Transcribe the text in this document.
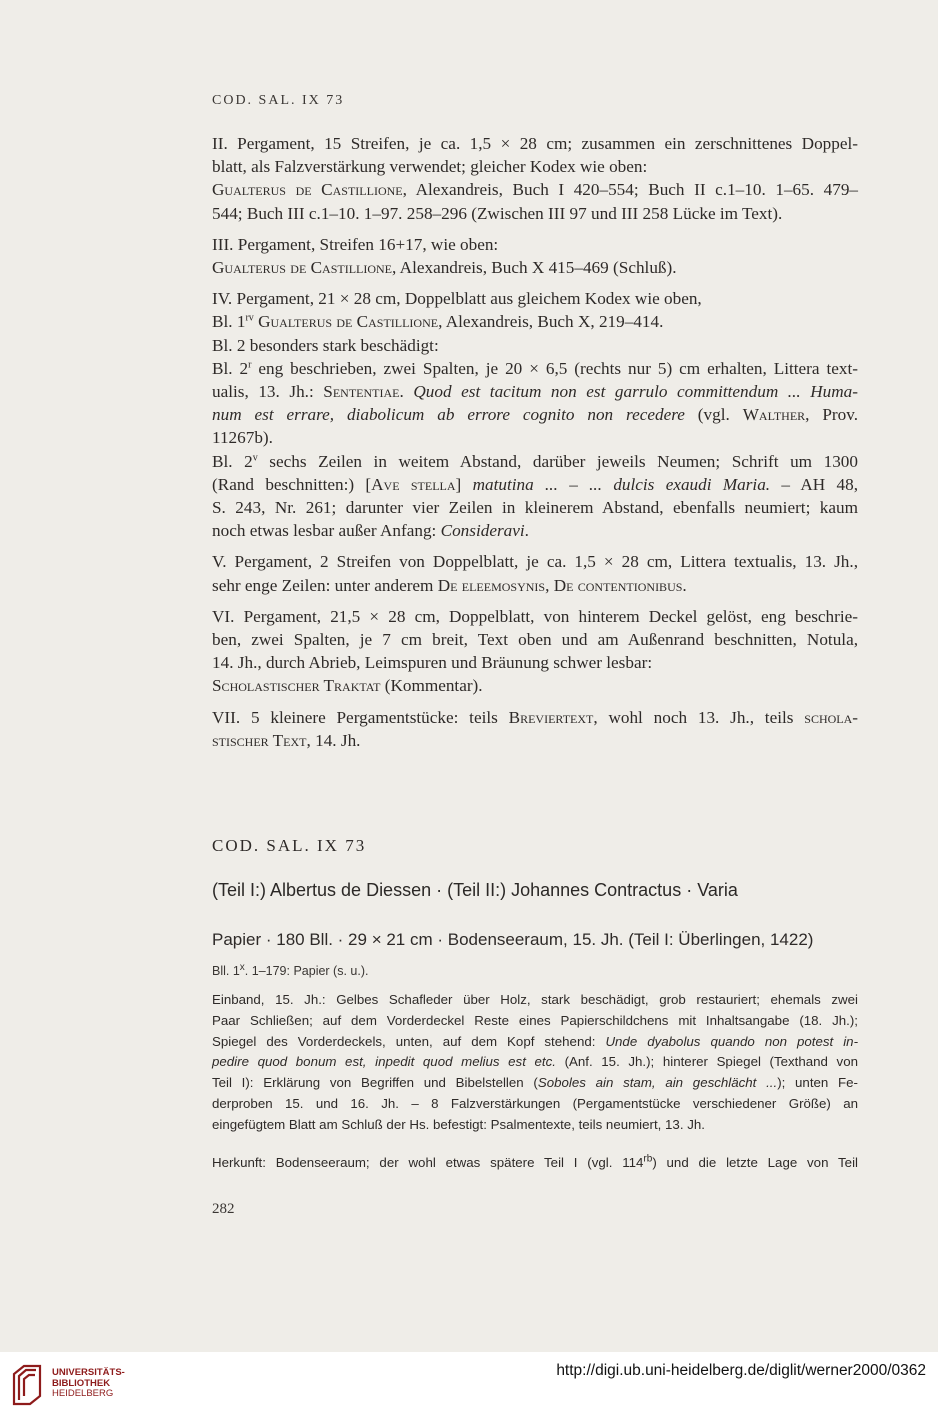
COD. SAL. IX 73
II. Pergament, 15 Streifen, je ca. 1,5 × 28 cm; zusammen ein zerschnittenes Doppel-
blatt, als Falzverstärkung verwendet; gleicher Kodex wie oben:
Gualterus de Castillione, Alexandreis, Buch I 420–554; Buch II c.1–10. 1–65. 479–
544; Buch III c.1–10. 1–97. 258–296 (Zwischen III 97 und III 258 Lücke im Text).
III. Pergament, Streifen 16+17, wie oben:
Gualterus de Castillione, Alexandreis, Buch X 415–469 (Schluß).
IV. Pergament, 21 × 28 cm, Doppelblatt aus gleichem Kodex wie oben,
Bl. $1^{rv}$ Gualterus de Castillione, Alexandreis, Buch X, 219–414.
Bl. 2 besonders stark beschädigt:
Bl. 2$^r$ eng beschrieben, zwei Spalten, je 20 × 6,5 (rechts nur 5) cm erhalten, Littera text-
ualis, 13. Jh.: Sententiae. Quod est tacitum non est garrulo committendum ... Huma-
num est errare, diabolicum ab errore cognito non recedere (vgl. Walther, Prov.
11267b).
Bl. 2$^v$ sechs Zeilen in weitem Abstand, darüber jeweils Neumen; Schrift um 1300
(Rand beschnitten:) [Ave stella] matutina ... – ... dulcis exaudi Maria. – AH 48,
S. 243, Nr. 261; darunter vier Zeilen in kleinerem Abstand, ebenfalls neumiert; kaum
noch etwas lesbar außer Anfang: Consideravi.
V. Pergament, 2 Streifen von Doppelblatt, je ca. 1,5 × 28 cm, Littera textualis, 13. Jh.,
sehr enge Zeilen: unter anderem De eleemosynis, De contentionibus.
VI. Pergament, 21,5 × 28 cm, Doppelblatt, von hinterem Deckel gelöst, eng beschrie-
ben, zwei Spalten, je 7 cm breit, Text oben und am Außenrand beschnitten, Notula,
14. Jh., durch Abrieb, Leimspuren und Bräunung schwer lesbar:
Scholastischer Traktat (Kommentar).
VII. 5 kleinere Pergamentstücke: teils Breviertext, wohl noch 13. Jh., teils schola-
stischer Text, 14. Jh.
COD. SAL. IX 73
(Teil I:) Albertus de Diessen · (Teil II:) Johannes Contractus · Varia
Papier · 180 Bll. · 29 × 21 cm · Bodenseeraum, 15. Jh. (Teil I: Überlingen, 1422)
Bll. 1$^x$. 1–179: Papier (s. u.).
Einband, 15. Jh.: Gelbes Schafleder über Holz, stark beschädigt, grob restauriert; ehemals zwei
Paar Schließen; auf dem Vorderdeckel Reste eines Papierschildchens mit Inhaltsangabe (18. Jh.);
Spiegel des Vorderdeckels, unten, auf dem Kopf stehend: Unde dyabolus quando non potest in-
pedire quod bonum est, inpedit quod melius est etc. (Anf. 15. Jh.); hinterer Spiegel (Texthand von
Teil I): Erklärung von Begriffen und Bibelstellen (Soboles ain stam, ain geschlächt ...); unten Fe-
derproben 15. und 16. Jh. – 8 Falzverstärkungen (Pergamentstücke verschiedener Größe) an
eingefügtem Blatt am Schluß der Hs. befestigt: Psalmentexte, teils neumiert, 13. Jh.
Herkunft: Bodenseeraum; der wohl etwas spätere Teil I (vgl. $114^{rb}$) und die letzte Lage von Teil
282
UNIVERSITÄTS-
BIBLIOTHEK
HEIDELBERG
http://digi.ub.uni-heidelberg.de/diglit/werner2000/0362
